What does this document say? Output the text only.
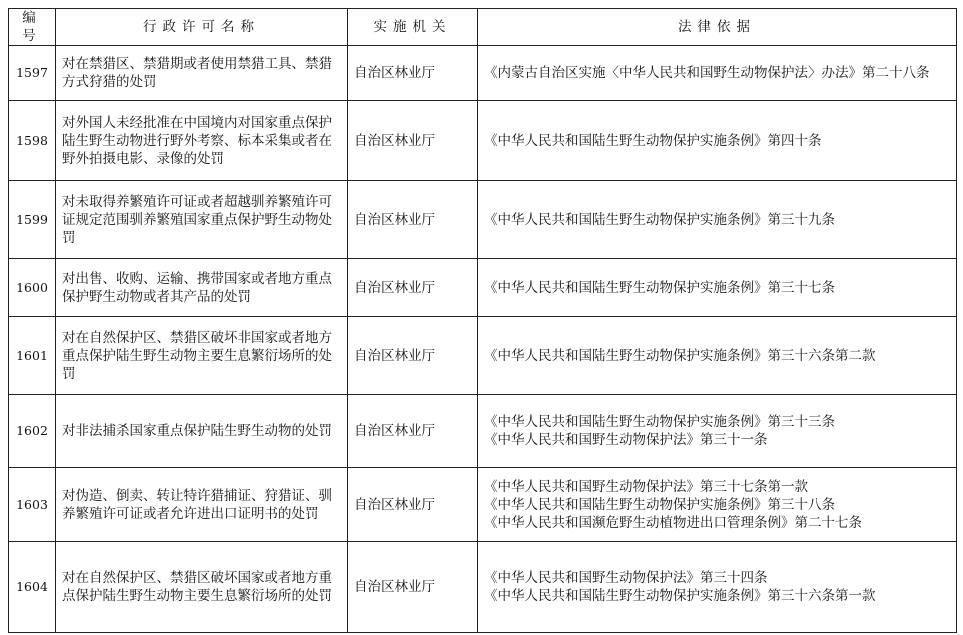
编号	行政许可名称	实施机关	法律依据
1597	对在禁猎区、禁猎期或者使用禁猎工具、禁猎方式狩猎的处罚	自治区林业厅	《内蒙古自治区实施〈中华人民共和国野生动物保护法〉办法》第二十八条

1598	对外国人未经批准在中国境内对国家重点保护陆生野生动物进行野外考察、标本采集或者在野外拍摄电影、录像的处罚	自治区林业厅	《中华人民共和国陆生野生动物保护实施条例》第四十条

1599	对未取得养繁殖许可证或者超越驯养繁殖许可证规定范围驯养繁殖国家重点保护野生动物处罚	自治区林业厅	《中华人民共和国陆生野生动物保护实施条例》第三十九条

1600	对出售、收购、运输、携带国家或者地方重点保护野生动物或者其产品的处罚	自治区林业厅	《中华人民共和国陆生野生动物保护实施条例》第三十七条

1601	对在自然保护区、禁猎区破坏非国家或者地方重点保护陆生野生动物主要生息繁衍场所的处罚	自治区林业厅	《中华人民共和国陆生野生动物保护实施条例》第三十六条第二款

1602	对非法捕杀国家重点保护陆生野生动物的处罚	自治区林业厅	《中华人民共和国陆生野生动物保护实施条例》第三十三条
《中华人民共和国野生动物保护法》第三十一条

1603	对伪造、倒卖、转让特许猎捕证、狩猎证、驯养繁殖许可证或者允许进出口证明书的处罚	自治区林业厅	《中华人民共和国野生动物保护法》第三十七条第一款
《中华人民共和国陆生野生动物保护实施条例》第三十八条
《中华人民共和国濒危野生动植物进出口管理条例》第二十七条

1604	对在自然保护区、禁猎区破坏国家或者地方重点保护陆生野生动物主要生息繁衍场所的处罚	自治区林业厅	《中华人民共和国野生动物保护法》第三十四条
《中华人民共和国陆生野生动物保护实施条例》第三十六条第一款
